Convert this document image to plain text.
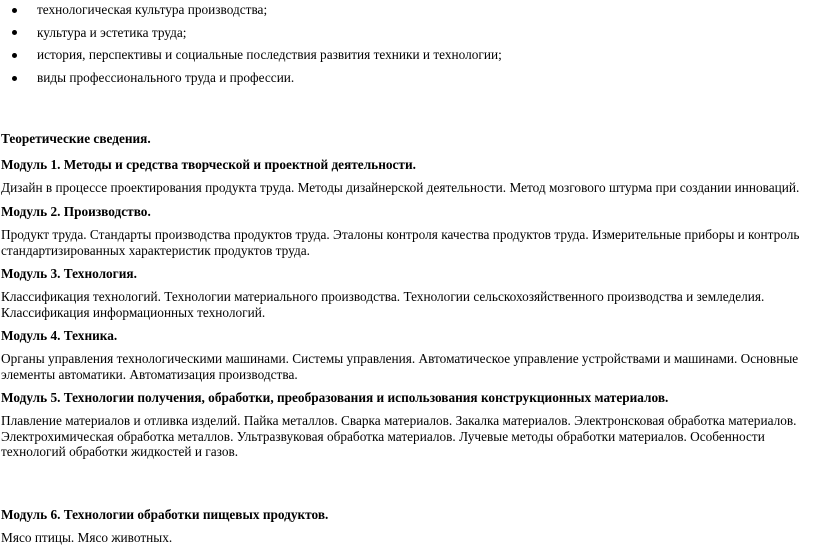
технологическая культура производства;
культура и эстетика труда;
история, перспективы и социальные последствия развития техники и технологии;
виды профессионального труда и профессии.
Теоретические сведения.
Модуль 1. Методы и средства творческой и проектной деятельности.
Дизайн в процессе проектирования продукта труда. Методы дизайнерской деятельности. Метод мозгового штурма при создании инноваций.
Модуль 2. Производство.
Продукт труда. Стандарты производства продуктов труда. Эталоны контроля качества продуктов труда. Измерительные приборы и контроль стандартизированных характеристик продуктов труда.
Модуль 3. Технология.
Классификация технологий. Технологии материального производства. Технологии сельскохозяйственного производства и земледелия. Классификация информационных технологий.
Модуль 4. Техника.
Органы управления технологическими машинами. Системы управления. Автоматическое управление устройствами и машинами. Основные элементы автоматики. Автоматизация производства.
Модуль 5. Технологии получения, обработки, преобразования и использования конструкционных материалов.
Плавление материалов и отливка изделий. Пайка металлов. Сварка материалов. Закалка материалов. Электронсковая обработка материалов. Электрохимическая обработка металлов. Ультразвуковая обработка материалов. Лучевые методы обработки материалов. Особенности технологий обработки жидкостей и газов.
Модуль 6. Технологии обработки пищевых продуктов.
Мясо птицы. Мясо животных.
